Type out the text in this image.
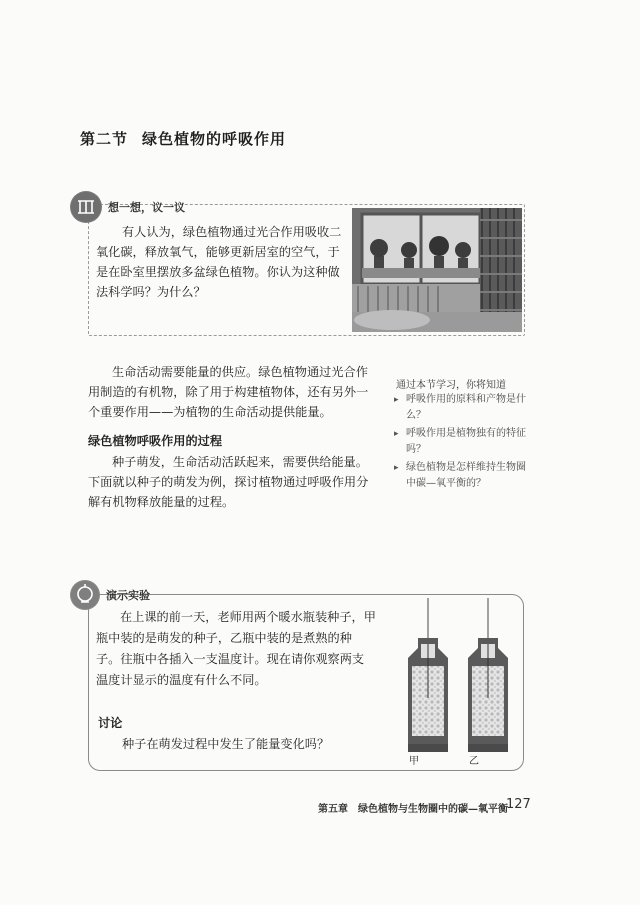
第二节 绿色植物的呼吸作用
想一想，议一议
有人认为，绿色植物通过光合作用吸收二氧化碳，释放氧气，能够更新居室的空气，于是在卧室里摆放多盆绿色植物。你认为这种做法科学吗？为什么？
生命活动需要能量的供应。绿色植物通过光合作用制造的有机物，除了用于构建植物体，还有另外一个重要作用——为植物的生命活动提供能量。
绿色植物呼吸作用的过程
种子萌发，生命活动活跃起来，需要供给能量。下面就以种子的萌发为例，探讨植物通过呼吸作用分解有机物释放能量的过程。
通过本节学习，你将知道
▸ 呼吸作用的原料和产物是什么？
▸ 呼吸作用是植物独有的特征吗？
▸ 绿色植物是怎样维持生物圈中碳—氧平衡的？
演示实验
在上课的前一天，老师用两个暖水瓶装种子，甲瓶中装的是萌发的种子，乙瓶中装的是煮熟的种子。往瓶中各插入一支温度计。现在请你观察两支温度计显示的温度有什么不同。
讨论
种子在萌发过程中发生了能量变化吗？
甲	乙
第五章　绿色植物与生物圈中的碳—氧平衡
127
